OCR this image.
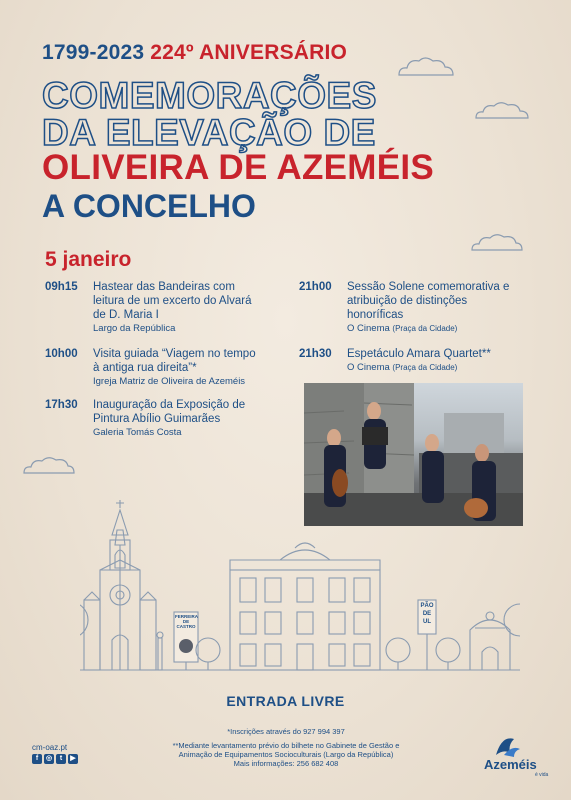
1799-2023 224º ANIVERSÁRIO
COMEMORAÇÕES
DA ELEVAÇÃO DE
OLIVEIRA DE AZEMÉIS
A CONCELHO
5 janeiro
09h15 Hastear das Bandeiras com
leitura de um excerto do Alvará
de D. Maria I
Largo da República
10h00 Visita guiada “Viagem no tempo
à antiga rua direita”*
Igreja Matriz de Oliveira de Azeméis
17h30 Inauguração da Exposição de
Pintura Abílio Guimarães
Galeria Tomás Costa
21h00 Sessão Solene comemorativa e
atribuição de distinções
honoríficas
O Cinema (Praça da Cidade)
21h30 Espetáculo Amara Quartet**
O Cinema (Praça da Cidade)
FERREIRA DE CASTRO
PÃO DE UL
ENTRADA LIVRE
*Inscrições através do 927 994 397
**Mediante levantamento prévio do bilhete no Gabinete de Gestão e
Animação de Equipamentos Socioculturais (Largo da República)
Mais informações: 256 682 408
cm-oaz.pt
f	◎	t	▶	Azeméis
é vida
